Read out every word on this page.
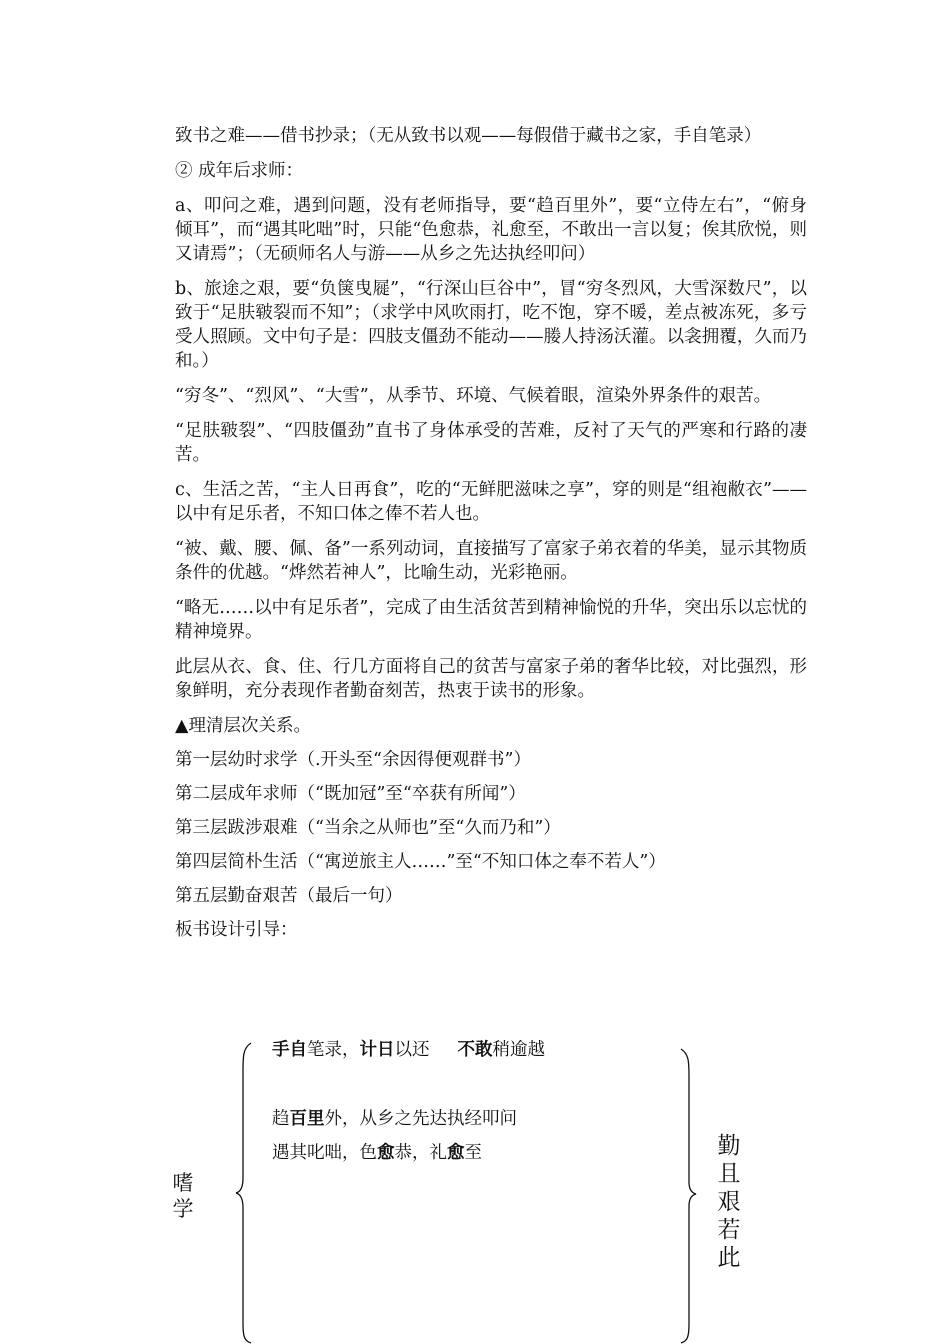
致书之难——借书抄录；（无从致书以观——每假借于藏书之家，手自笔录）

② 成年后求师：

a、叩问之难，遇到问题，没有老师指导，要“趋百里外”，要“立侍左右”，“俯身倾耳”，而“遇其叱咄”时，只能“色愈恭，礼愈至，不敢出一言以复；俟其欣悦，则又请焉”；（无硕师名人与游——从乡之先达执经叩问）

b、旅途之艰，要“负箧曳屣”，“行深山巨谷中”，冒“穷冬烈风，大雪深数尺”，以致于“足肤皲裂而不知”；（求学中风吹雨打，吃不饱，穿不暖，差点被冻死，多亏受人照顾。文中句子是：四肢支僵劲不能动——媵人持汤沃灌。以衾拥覆，久而乃和。）

“穷冬”、“烈风”、“大雪”，从季节、环境、气候着眼，渲染外界条件的艰苦。

“足肤皲裂”、“四肢僵劲”直书了身体承受的苦难，反衬了天气的严寒和行路的凄苦。

c、生活之苦，“主人日再食”，吃的“无鲜肥滋味之享”，穿的则是“组袍敝衣”——以中有足乐者，不知口体之俸不若人也。

“被、戴、腰、佩、备”一系列动词，直接描写了富家子弟衣着的华美，显示其物质条件的优越。“烨然若神人”，比喻生动，光彩艳丽。

“略无……以中有足乐者”，完成了由生活贫苦到精神愉悦的升华，突出乐以忘忧的精神境界。

此层从衣、食、住、行几方面将自己的贫苦与富家子弟的奢华比较，对比强烈，形象鲜明，充分表现作者勤奋刻苦，热衷于读书的形象。

▲理清层次关系。

第一层幼时求学（.开头至“余因得便观群书”）

第二层成年求师（“既加冠”至“卒获有所闻”）

第三层跋涉艰难（“当余之从师也”至“久而乃和”）

第四层简朴生活（“寓逆旅主人……”至“不知口体之奉不若人”）

第五层勤奋艰苦（最后一句）

板书设计引导：

手自笔录，计日以还 不敢稍逾越
趋百里外，从乡之先达执经叩问
遇其叱咄，色愈恭，礼愈至
嗜
学
勤
且
艰
若
此
